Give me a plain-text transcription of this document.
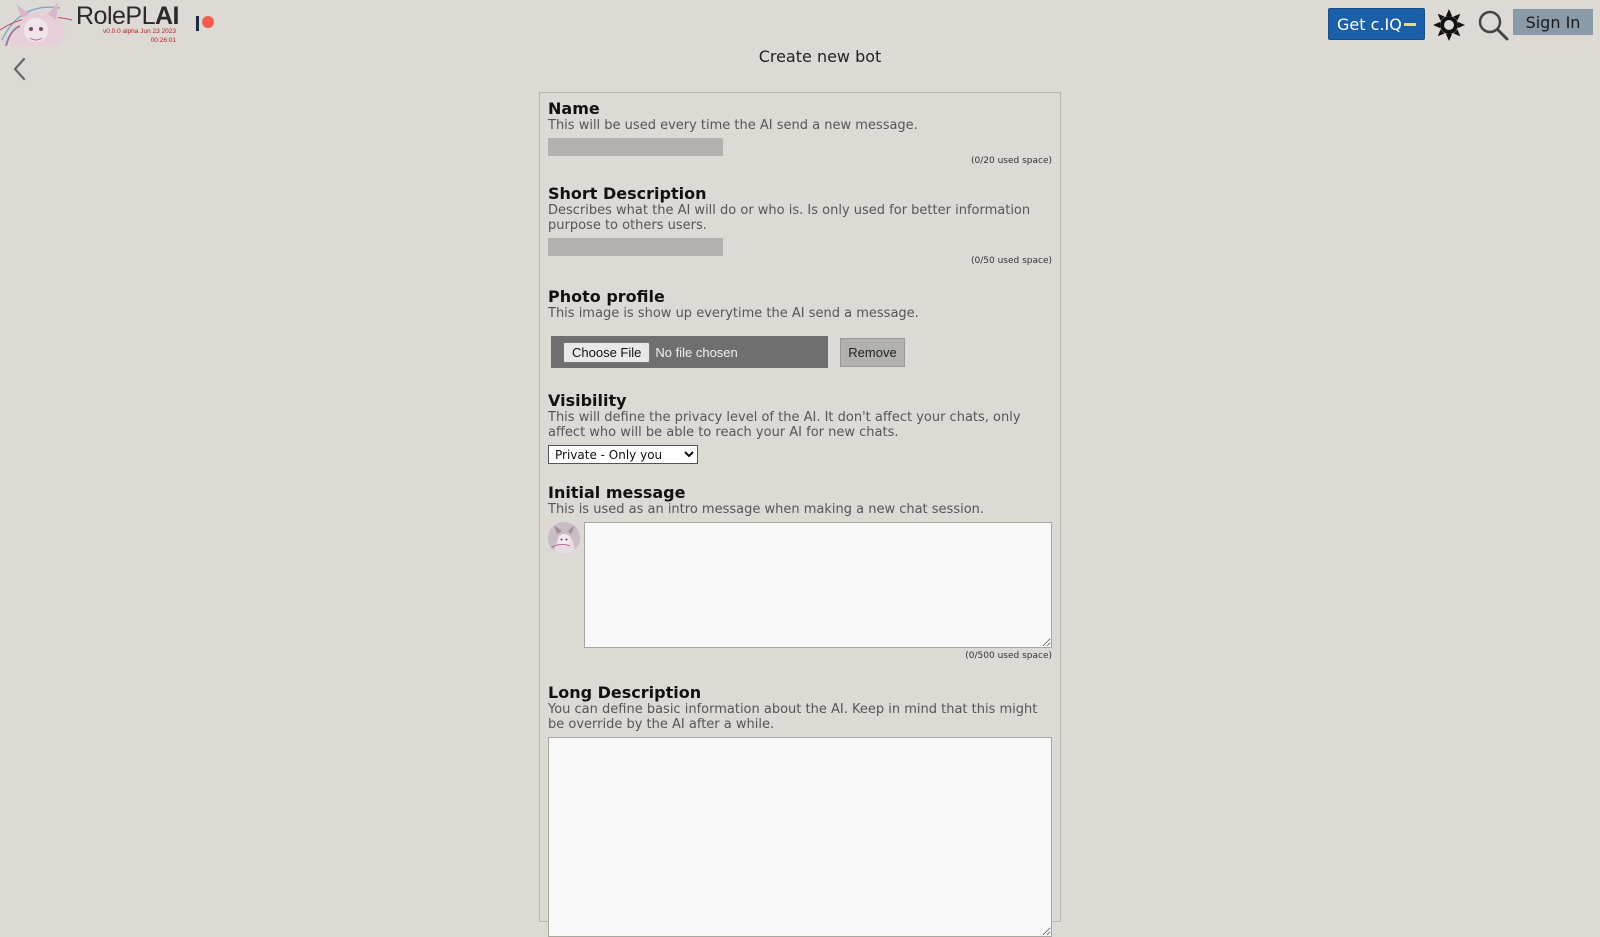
RolePLAI
v0.0.0 alpha Jun 23 2023
00:26:01
Create new bot
Get c.IQ	Sign In
Name

This will be used every time the AI send a new message.

(0/20 used space)
Short Description

Describes what the AI will do or who is. Is only used for better information purpose to others users.

(0/50 used space)
Photo profile

This image is show up everytime the AI send a message.

Choose File	No file chosen	Remove
Visibility

This will define the privacy level of the AI. It don't affect your chats, only affect who will be able to reach your AI for new chats.

Private - Only you
Initial message

This is used as an intro message when making a new chat session.

(0/500 used space)
Long Description

You can define basic information about the AI. Keep in mind that this might be override by the AI after a while.
